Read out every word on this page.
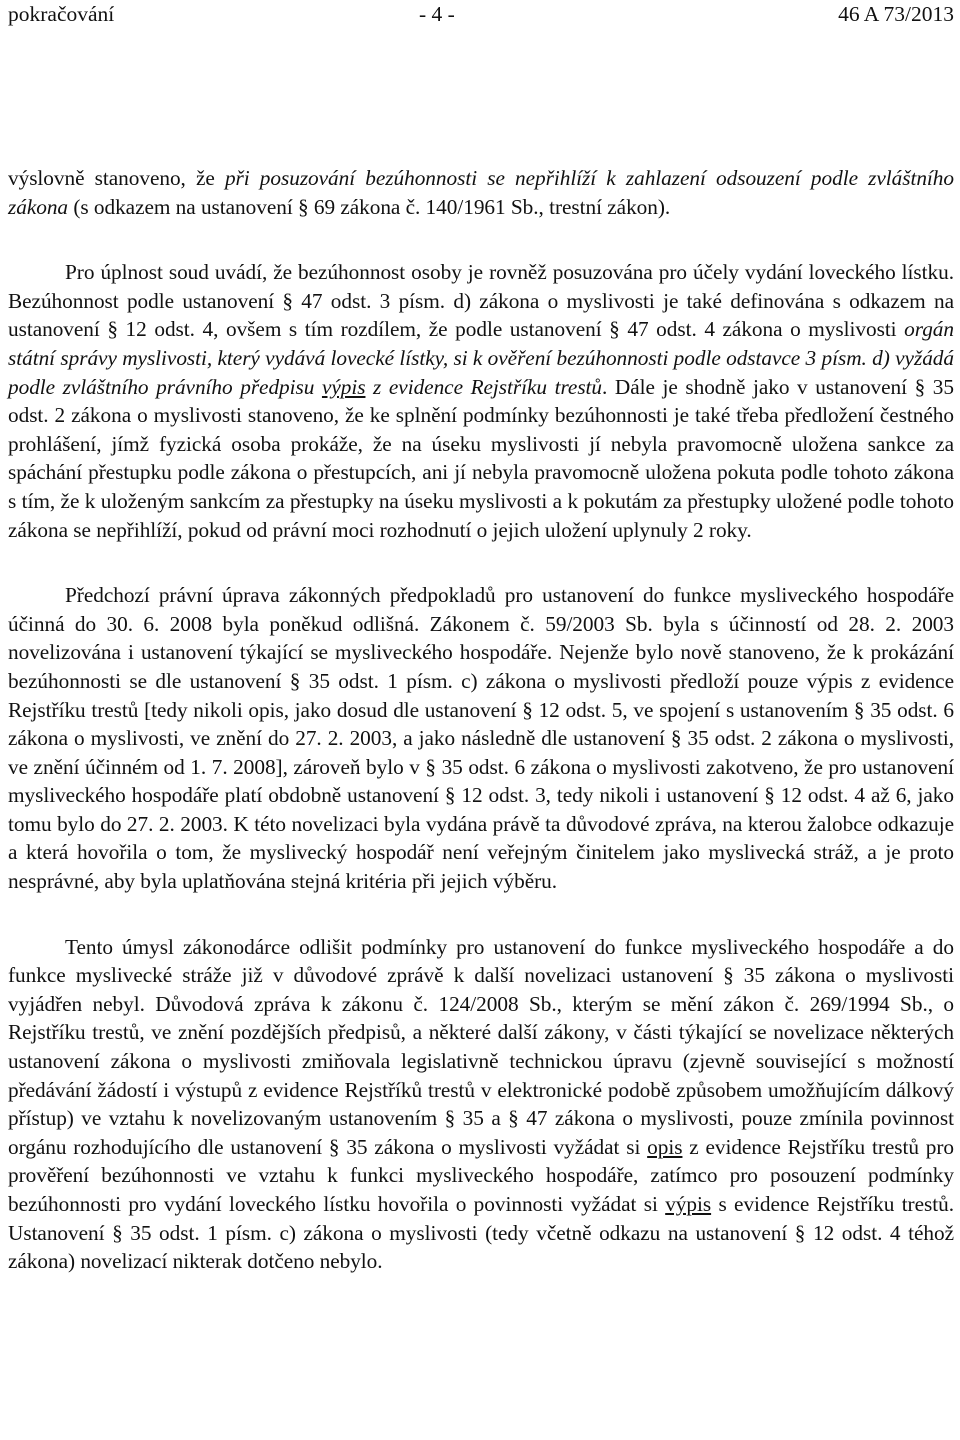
pokračování	- 4 -	46 A 73/2013

výslovně stanoveno, že při posuzování bezúhonnosti se nepřihlíží k zahlazení odsouzení podle zvláštního zákona (s odkazem na ustanovení § 69 zákona č. 140/1961 Sb., trestní zákon).

Pro úplnost soud uvádí, že bezúhonnost osoby je rovněž posuzována pro účely vydání loveckého lístku. Bezúhonnost podle ustanovení § 47 odst. 3 písm. d) zákona o myslivosti je také definována s odkazem na ustanovení § 12 odst. 4, ovšem s tím rozdílem, že podle ustanovení § 47 odst. 4 zákona o myslivosti orgán státní správy myslivosti, který vydává lovecké lístky, si k ověření bezúhonnosti podle odstavce 3 písm. d) vyžádá podle zvláštního právního předpisu výpis z evidence Rejstříku trestů. Dále je shodně jako v ustanovení § 35 odst. 2 zákona o myslivosti stanoveno, že ke splnění podmínky bezúhonnosti je také třeba předložení čestného prohlášení, jímž fyzická osoba prokáže, že na úseku myslivosti jí nebyla pravomocně uložena sankce za spáchání přestupku podle zákona o přestupcích, ani jí nebyla pravomocně uložena pokuta podle tohoto zákona s tím, že k uloženým sankcím za přestupky na úseku myslivosti a k pokutám za přestupky uložené podle tohoto zákona se nepřihlíží, pokud od právní moci rozhodnutí o jejich uložení uplynuly 2 roky.

Předchozí právní úprava zákonných předpokladů pro ustanovení do funkce mysliveckého hospodáře účinná do 30. 6. 2008 byla poněkud odlišná. Zákonem č. 59/2003 Sb. byla s účinností od 28. 2. 2003 novelizována i ustanovení týkající se mysliveckého hospodáře. Nejenže bylo nově stanoveno, že k prokázání bezúhonnosti se dle ustanovení § 35 odst. 1 písm. c) zákona o myslivosti předloží pouze výpis z evidence Rejstříku trestů [tedy nikoli opis, jako dosud dle ustanovení § 12 odst. 5, ve spojení s ustanovením § 35 odst. 6 zákona o myslivosti, ve znění do 27. 2. 2003, a jako následně dle ustanovení § 35 odst. 2 zákona o myslivosti, ve znění účinném od 1. 7. 2008], zároveň bylo v § 35 odst. 6 zákona o myslivosti zakotveno, že pro ustanovení mysliveckého hospodáře platí obdobně ustanovení § 12 odst. 3, tedy nikoli i ustanovení § 12 odst. 4 až 6, jako tomu bylo do 27. 2. 2003. K této novelizaci byla vydána právě ta důvodové zpráva, na kterou žalobce odkazuje a která hovořila o tom, že myslivecký hospodář není veřejným činitelem jako myslivecká stráž, a je proto nesprávné, aby byla uplatňována stejná kritéria při jejich výběru.

Tento úmysl zákonodárce odlišit podmínky pro ustanovení do funkce mysliveckého hospodáře a do funkce myslivecké stráže již v důvodové zprávě k další novelizaci ustanovení § 35 zákona o myslivosti vyjádřen nebyl. Důvodová zpráva k zákonu č. 124/2008 Sb., kterým se mění zákon č. 269/1994 Sb., o Rejstříku trestů, ve znění pozdějších předpisů, a některé další zákony, v části týkající se novelizace některých ustanovení zákona o myslivosti zmiňovala legislativně technickou úpravu (zjevně související s možností předávání žádostí i výstupů z evidence Rejstříků trestů v elektronické podobě způsobem umožňujícím dálkový přístup) ve vztahu k novelizovaným ustanovením § 35 a § 47 zákona o myslivosti, pouze zmínila povinnost orgánu rozhodujícího dle ustanovení § 35 zákona o myslivosti vyžádat si opis z evidence Rejstříku trestů pro prověření bezúhonnosti ve vztahu k funkci mysliveckého hospodáře, zatímco pro posouzení podmínky bezúhonnosti pro vydání loveckého lístku hovořila o povinnosti vyžádat si výpis s evidence Rejstříku trestů. Ustanovení § 35 odst. 1 písm. c) zákona o myslivosti (tedy včetně odkazu na ustanovení § 12 odst. 4 téhož zákona) novelizací nikterak dotčeno nebylo.
